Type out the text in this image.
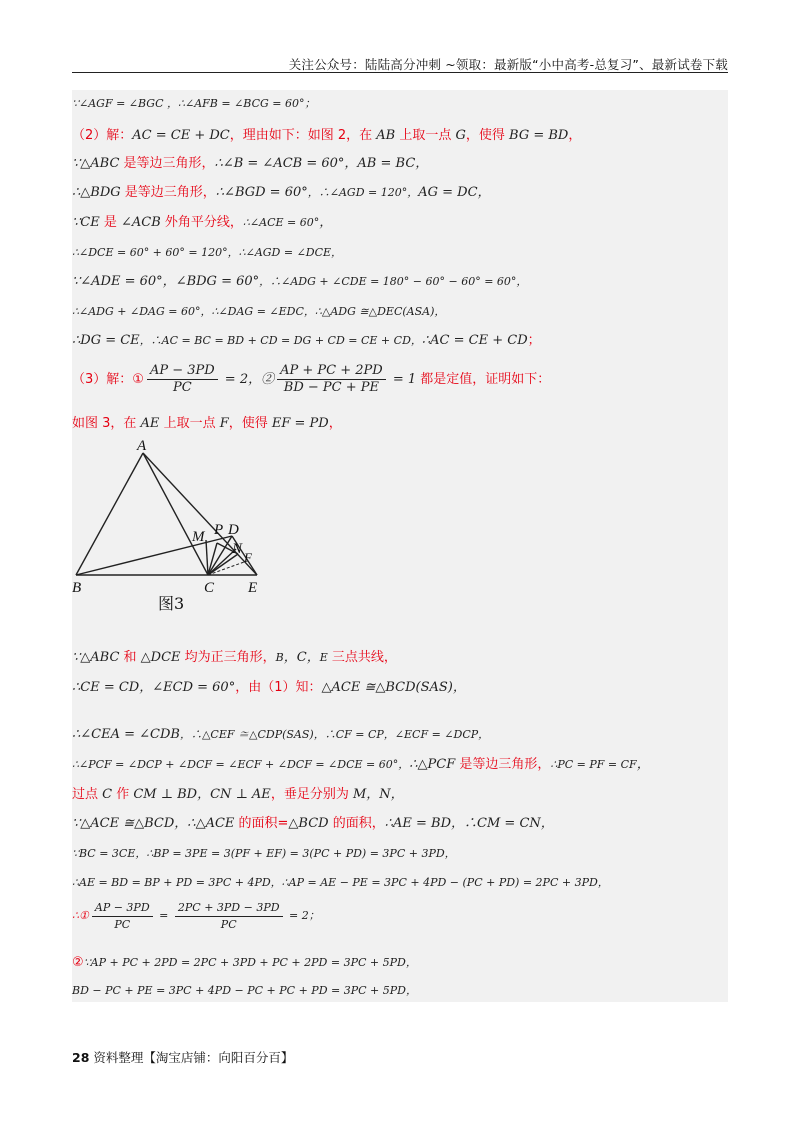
关注公众号：陆陆高分冲刺 ~领取：最新版“小中高考-总复习”、最新试卷下载
∵∠AGF = ∠BGC ，∴∠AFB = ∠BCG = 60°；
（2）解：AC = CE + DC，理由如下：如图 2，在 AB 上取一点 G，使得 BG = BD，
∵△ABC 是等边三角形，∴∠B = ∠ACB = 60°，AB = BC，
∴△BDG 是等边三角形，∴∠BGD = 60°，∴∠AGD = 120°，AG = DC，
∵CE 是 ∠ACB 外角平分线，∴∠ACE = 60°，
∴∠DCE = 60° + 60° = 120°，∴∠AGD = ∠DCE，
∵∠ADE = 60°，∠BDG = 60°，∴∠ADG + ∠CDE = 180° − 60° − 60° = 60°，
∴∠ADG + ∠DAG = 60°，∴∠DAG = ∠EDC，∴△ADG ≅△DEC(ASA)，
∴DG = CE，∴AC = BC = BD + CD = DG + CD = CE + CD，∴AC = CE + CD；
（3）解：① $\frac{AP - 3PD}{PC} = 2$，② $\frac{AP + PC + 2PD}{BD - PC + PE} = 1$ 都是定值，证明如下：
如图 3，在 AE 上取一点 F，使得 EF = PD，
A
B	C E
M P D
N
F
图3
∵△ABC 和 △DCE 均为正三角形，B，C，E 三点共线，
∴CE = CD，∠ECD = 60°，由（1）知：△ACE ≅△BCD(SAS)，
∴∠CEA = ∠CDB，∴△CEF ≅△CDP(SAS)，∴CF = CP，∠ECF = ∠DCP，
∴∠PCF = ∠DCP + ∠DCF = ∠ECF + ∠DCF = ∠DCE = 60°，∴△PCF 是等边三角形，∴PC = PF = CF，
过点 C 作 CM ⊥ BD，CN ⊥ AE，垂足分别为 M，N，
∵△ACE ≅△BCD，∴△ACE 的面积=△BCD 的面积，∴AE = BD，∴CM = CN，
∵BC = 3CE，∴BP = 3PE = 3(PF + EF) = 3(PC + PD) = 3PC + 3PD，
∴AE = BD = BP + PD = 3PC + 4PD，∴AP = AE − PE = 3PC + 4PD − (PC + PD) = 2PC + 3PD，
∴① $\frac{AP - 3PD}{PC} = \frac{2PC + 3PD - 3PD}{PC} = 2$；
②∵AP + PC + 2PD = 2PC + 3PD + PC + 2PD = 3PC + 5PD，
BD − PC + PE = 3PC + 4PD − PC + PC + PD = 3PC + 5PD，
28 资料整理【淘宝店铺：向阳百分百】
